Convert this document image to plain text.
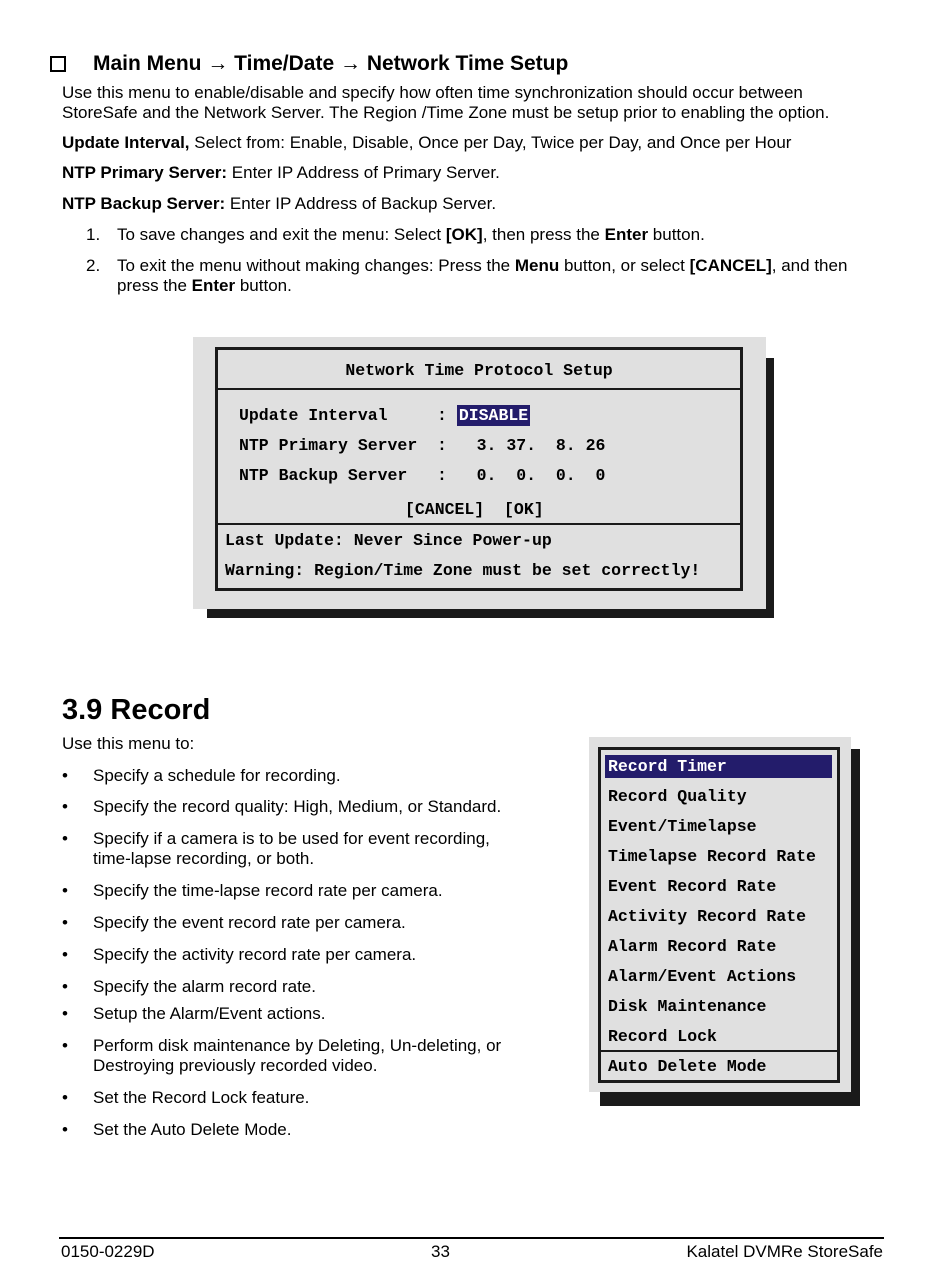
Main Menu → Time/Date → Network Time Setup
Use this menu to enable/disable and specify how often time synchronization should occur between
StoreSafe and the Network Server. The Region /Time Zone must be setup prior to enabling the option.
Update Interval, Select from: Enable, Disable, Once per Day, Twice per Day, and Once per Hour
NTP Primary Server: Enter IP Address of Primary Server.
NTP Backup Server: Enter IP Address of Backup Server.
1. To save changes and exit the menu: Select [OK], then press the Enter button.
2. To exit the menu without making changes: Press the Menu button, or select [CANCEL], and then
press the Enter button.
Network Time Protocol Setup
Update Interval     : DISABLE
NTP Primary Server  : 3. 37.  8. 26
NTP Backup Server   : 0.  0.  0.  0
[CANCEL] [OK]
Last Update: Never Since Power-up
Warning: Region/Time Zone must be set correctly!
3.9 Record
Use this menu to:
• Specify a schedule for recording.
• Specify the record quality: High, Medium, or Standard.
• Specify if a camera is to be used for event recording,
time-lapse recording, or both.
• Specify the time-lapse record rate per camera.
• Specify the event record rate per camera.
• Specify the activity record rate per camera.
• Specify the alarm record rate.
• Setup the Alarm/Event actions.
• Perform disk maintenance by Deleting, Un-deleting, or
Destroying previously recorded video.
• Set the Record Lock feature.
• Set the Auto Delete Mode.
Record Timer
Record Quality
Event/Timelapse
Timelapse Record Rate
Event Record Rate
Activity Record Rate
Alarm Record Rate
Alarm/Event Actions
Disk Maintenance
Record Lock
Auto Delete Mode
0150-0229D	33	Kalatel DVMRe StoreSafe
